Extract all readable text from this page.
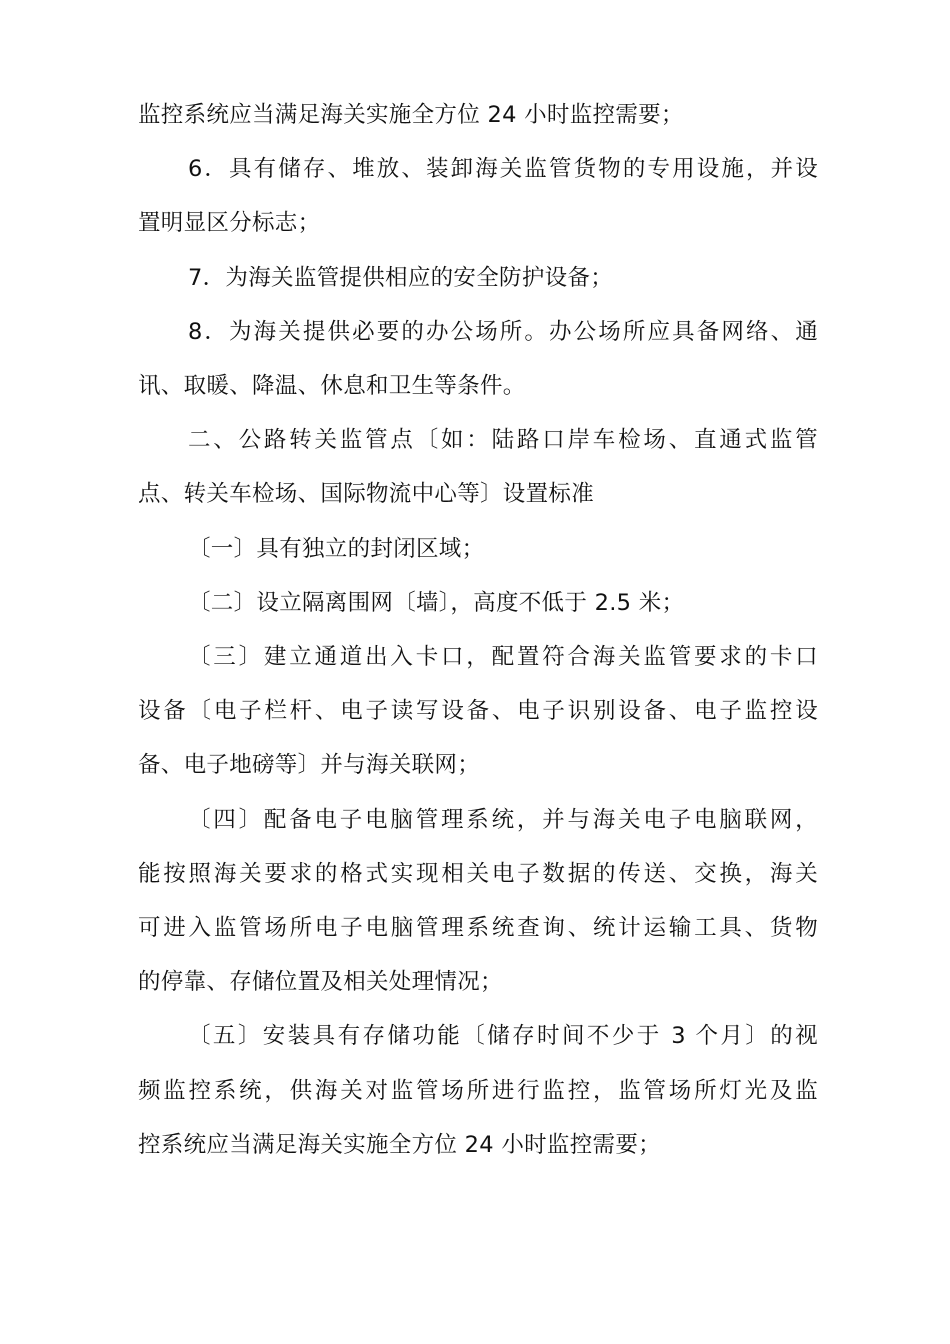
监控系统应当满足海关实施全方位 24 小时监控需要；

6．具有储存、堆放、装卸海关监管货物的专用设施，并设
置明显区分标志；

7．为海关监管提供相应的安全防护设备；

8．为海关提供必要的办公场所。办公场所应具备网络、通
讯、取暖、降温、休息和卫生等条件。

二、公路转关监管点〔如：陆路口岸车检场、直通式监管
点、转关车检场、国际物流中心等〕设置标准

〔一〕具有独立的封闭区域；

〔二〕设立隔离围网〔墙〕，高度不低于 2.5 米；

〔三〕建立通道出入卡口，配置符合海关监管要求的卡口
设备〔电子栏杆、电子读写设备、电子识别设备、电子监控设
备、电子地磅等〕并与海关联网；

〔四〕配备电子电脑管理系统，并与海关电子电脑联网，
能按照海关要求的格式实现相关电子数据的传送、交换，海关
可进入监管场所电子电脑管理系统查询、统计运输工具、货物
的停靠、存储位置及相关处理情况；

〔五〕安装具有存储功能〔储存时间不少于 3 个月〕的视
频监控系统，供海关对监管场所进行监控，监管场所灯光及监
控系统应当满足海关实施全方位 24 小时监控需要；
